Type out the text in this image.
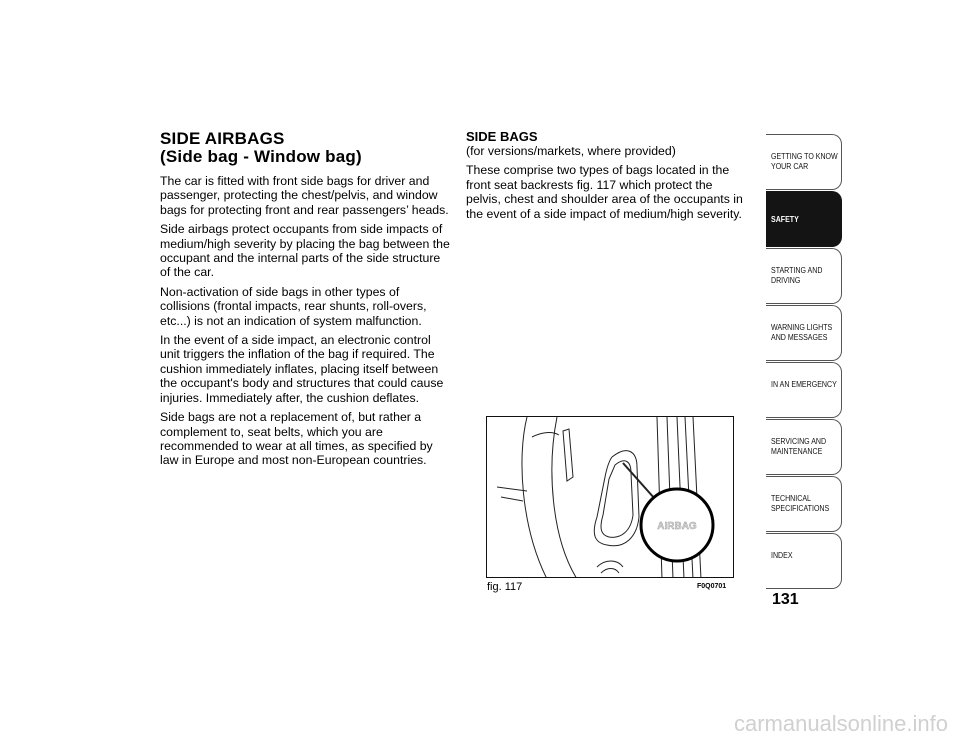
SIDE AIRBAGS
(Side bag - Window bag)

The car is fitted with front side bags for driver and passenger, protecting the chest/pelvis, and window bags for protecting front and rear passengers’ heads.

Side airbags protect occupants from side impacts of medium/high severity by placing the bag between the occupant and the internal parts of the side structure of the car.

Non-activation of side bags in other types of collisions (frontal impacts, rear shunts, roll-overs, etc...) is not an indication of system malfunction.

In the event of a side impact, an electronic control unit triggers the inflation of the bag if required. The cushion immediately inflates, placing itself between the occupant's body and structures that could cause injuries. Immediately after, the cushion deflates.

Side bags are not a replacement of, but rather a complement to, seat belts, which you are recommended to wear at all times, as specified by law in Europe and most non-European countries.

SIDE BAGS

(for versions/markets, where provided)

These comprise two types of bags located in the front seat backrests fig. 117 which protect the pelvis, chest and shoulder area of the occupants in the event of a side impact of medium/high severity.

AIRBAG
fig. 117	F0Q0701
GETTING TO KNOW YOUR CAR
SAFETY
STARTING AND DRIVING
WARNING LIGHTS AND MESSAGES
IN AN EMERGENCY
SERVICING AND MAINTENANCE
TECHNICAL SPECIFICATIONS
INDEX
131
carmanualsonline.info
